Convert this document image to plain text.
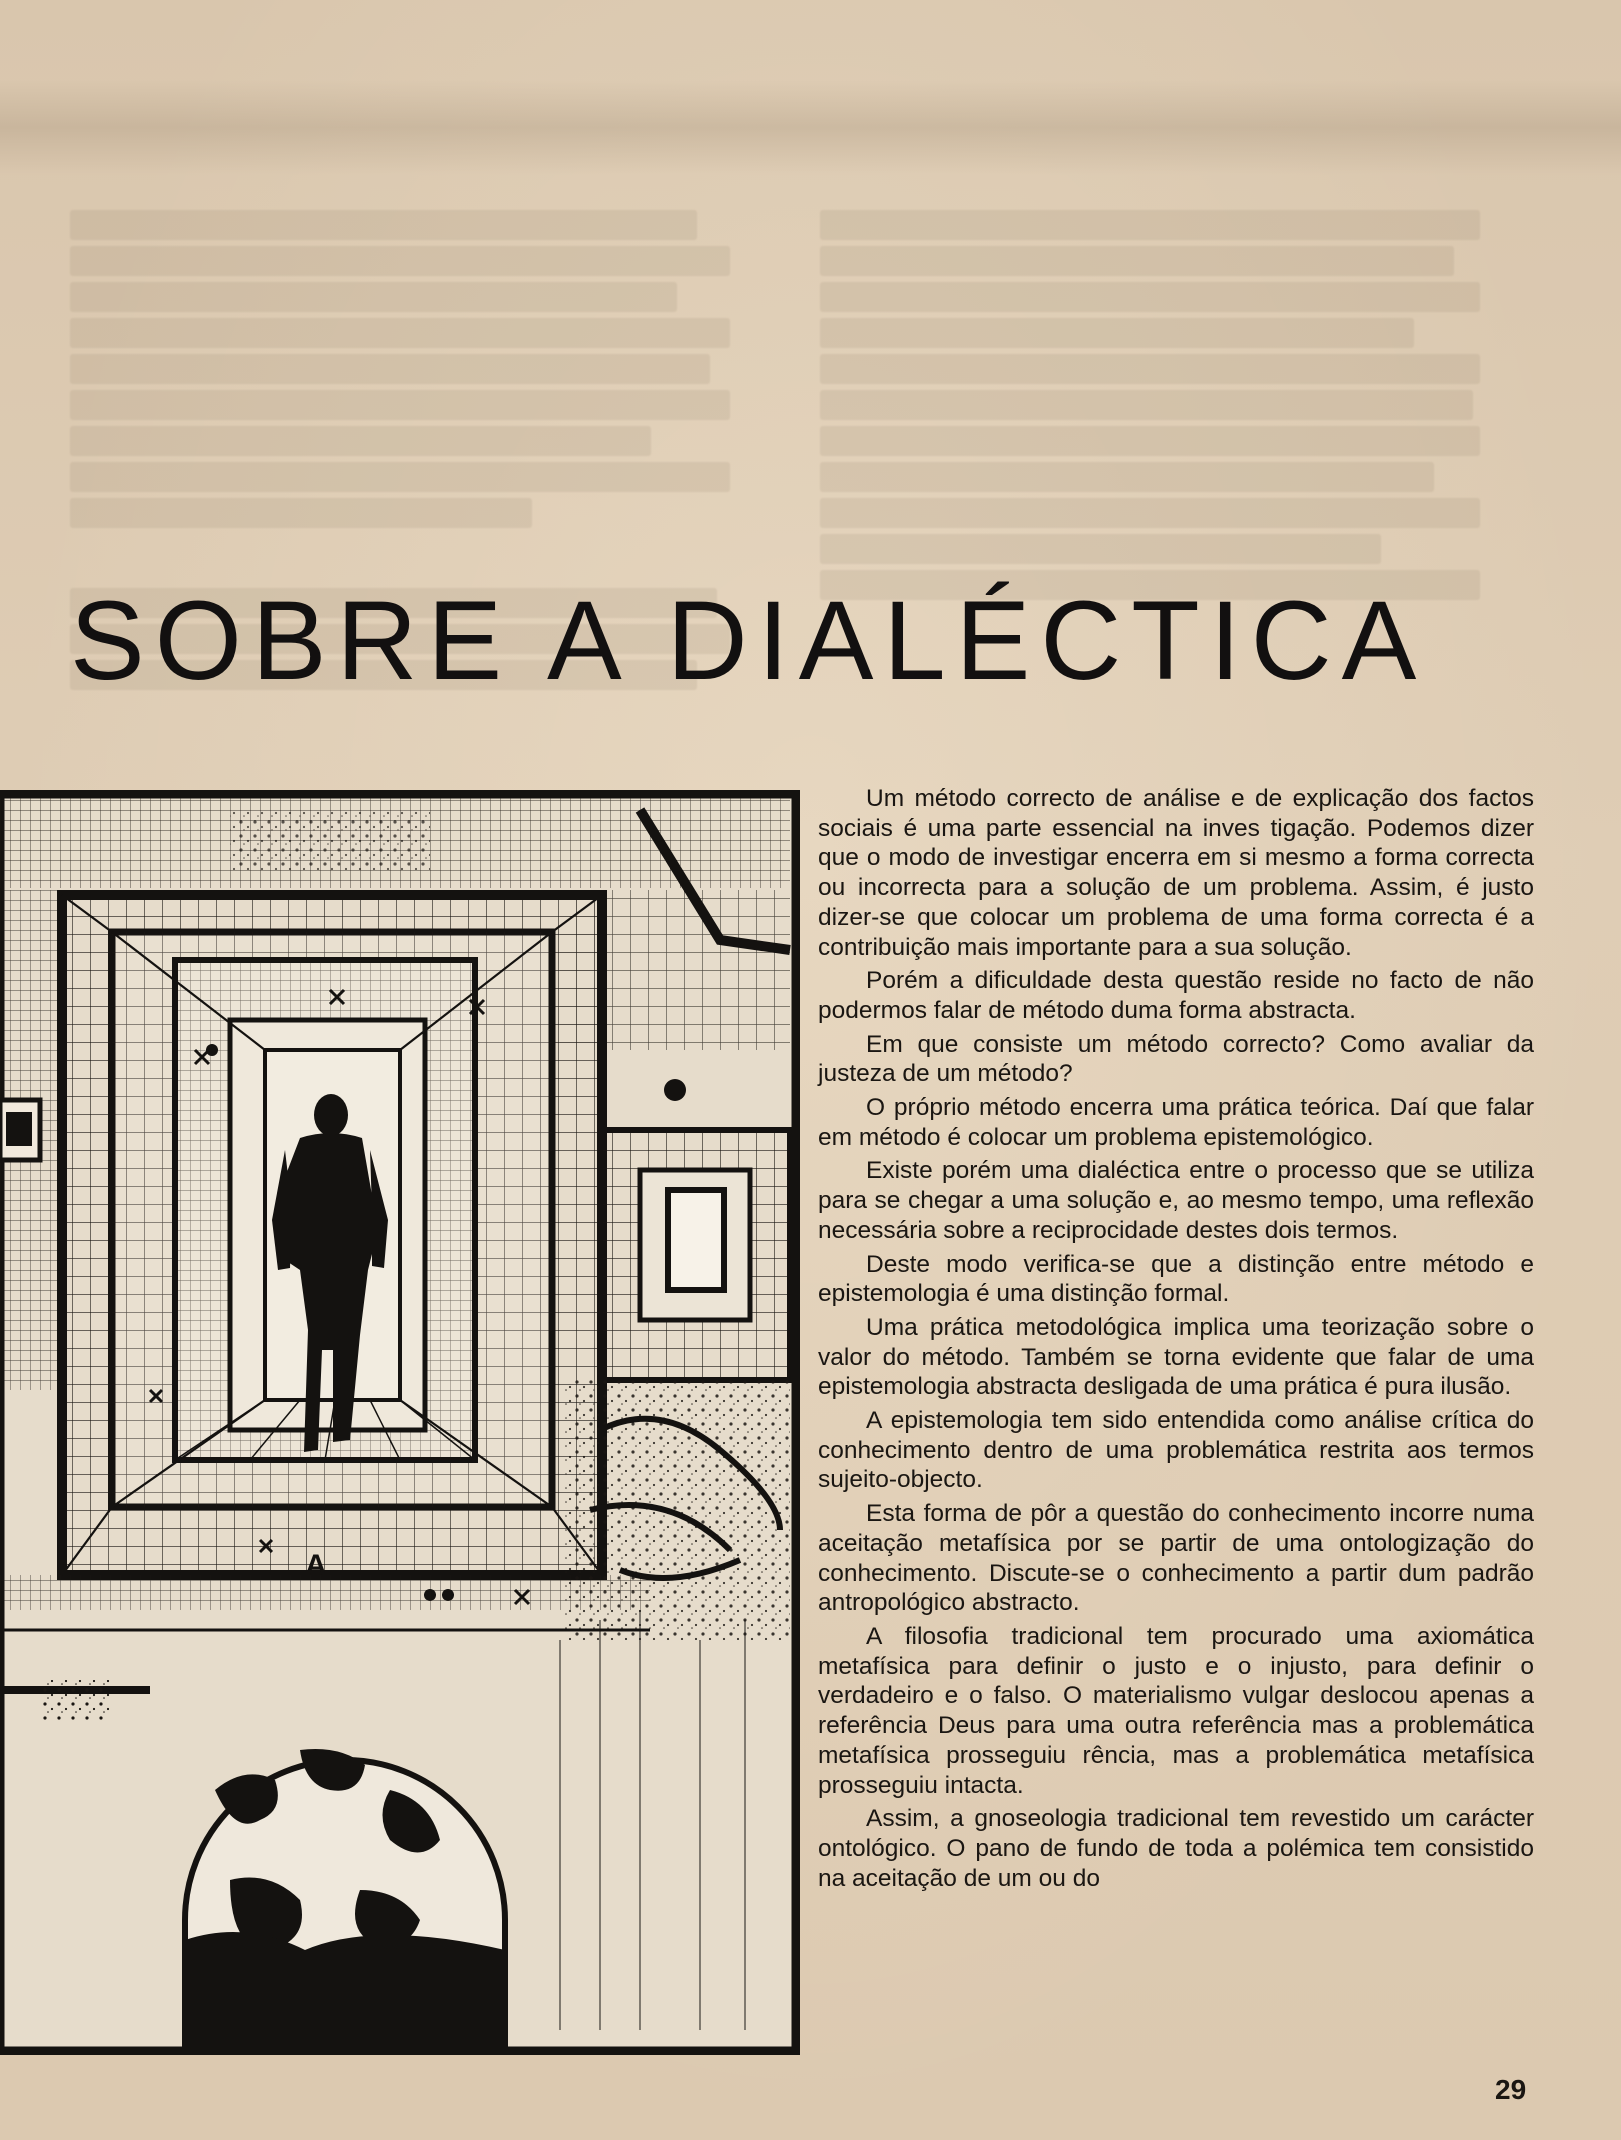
SOBRE A DIALÉCTICA
A

Um método correcto de análise e de explicação dos factos sociais é uma parte essencial na inves tigação. Podemos dizer que o modo de investigar encerra em si mesmo a forma correcta ou incorrecta para a solução de um problema. Assim, é justo dizer-se que colocar um problema de uma forma correcta é a contribuição mais importante para a sua solução.

Porém a dificuldade desta questão reside no facto de não podermos falar de método duma forma abstracta.

Em que consiste um método correcto? Como avaliar da justeza de um método?

O próprio método encerra uma prática teórica. Daí que falar em método é colocar um problema epistemológico.

Existe porém uma dialéctica entre o processo que se utiliza para se chegar a uma solução e, ao mesmo tempo, uma reflexão necessária sobre a reciprocidade destes dois termos.

Deste modo verifica-se que a distinção entre método e epistemologia é uma distinção formal.

Uma prática metodológica implica uma teorização sobre o valor do método. Também se torna evidente que falar de uma epistemologia abstracta desligada de uma prática é pura ilusão.

A epistemologia tem sido entendida como análise crítica do conhecimento dentro de uma problemática restrita aos termos sujeito-objecto.

Esta forma de pôr a questão do conhecimento incorre numa aceitação metafísica por se partir de uma ontologização do conhecimento. Discute-se o conhecimento a partir dum padrão antropológico abstracto.

A filosofia tradicional tem procurado uma axiomática metafísica para definir o justo e o injusto, para definir o verdadeiro e o falso. O materialismo vulgar deslocou apenas a referência Deus para uma outra referência mas a problemática metafísica prosseguiu rência, mas a problemática metafísica prosseguiu intacta.

Assim, a gnoseologia tradicional tem revestido um carácter ontológico. O pano de fundo de toda a polémica tem consistido na aceitação de um ou do

29
